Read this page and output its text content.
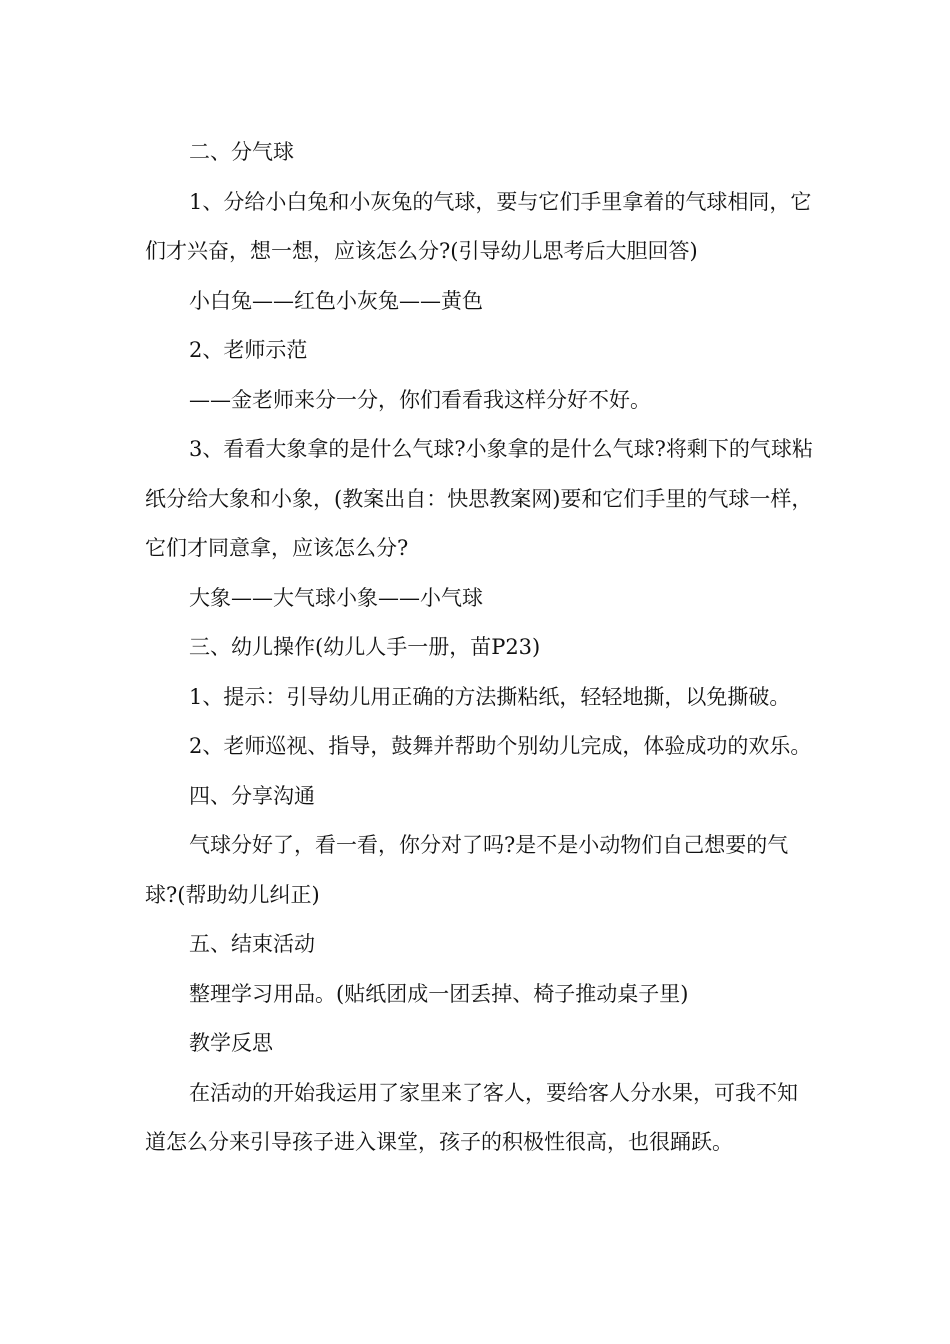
二、分气球

1、分给小白兔和小灰兔的气球，要与它们手里拿着的气球相同，它们才兴奋，想一想，应该怎么分?(引导幼儿思考后大胆回答)

小白兔——红色小灰兔——黄色

2、老师示范

——金老师来分一分，你们看看我这样分好不好。

3、看看大象拿的是什么气球?小象拿的是什么气球?将剩下的气球粘纸分给大象和小象，(教案出自：快思教案网)要和它们手里的气球一样，它们才同意拿，应该怎么分?

大象——大气球小象——小气球

三、幼儿操作(幼儿人手一册，苗P23)

1、提示：引导幼儿用正确的方法撕粘纸，轻轻地撕，以免撕破。

2、老师巡视、指导，鼓舞并帮助个别幼儿完成，体验成功的欢乐。

四、分享沟通

气球分好了，看一看，你分对了吗?是不是小动物们自己想要的气球?(帮助幼儿纠正)

五、结束活动

整理学习用品。(贴纸团成一团丢掉、椅子推动桌子里)

教学反思

在活动的开始我运用了家里来了客人，要给客人分水果，可我不知道怎么分来引导孩子进入课堂，孩子的积极性很高，也很踊跃。
